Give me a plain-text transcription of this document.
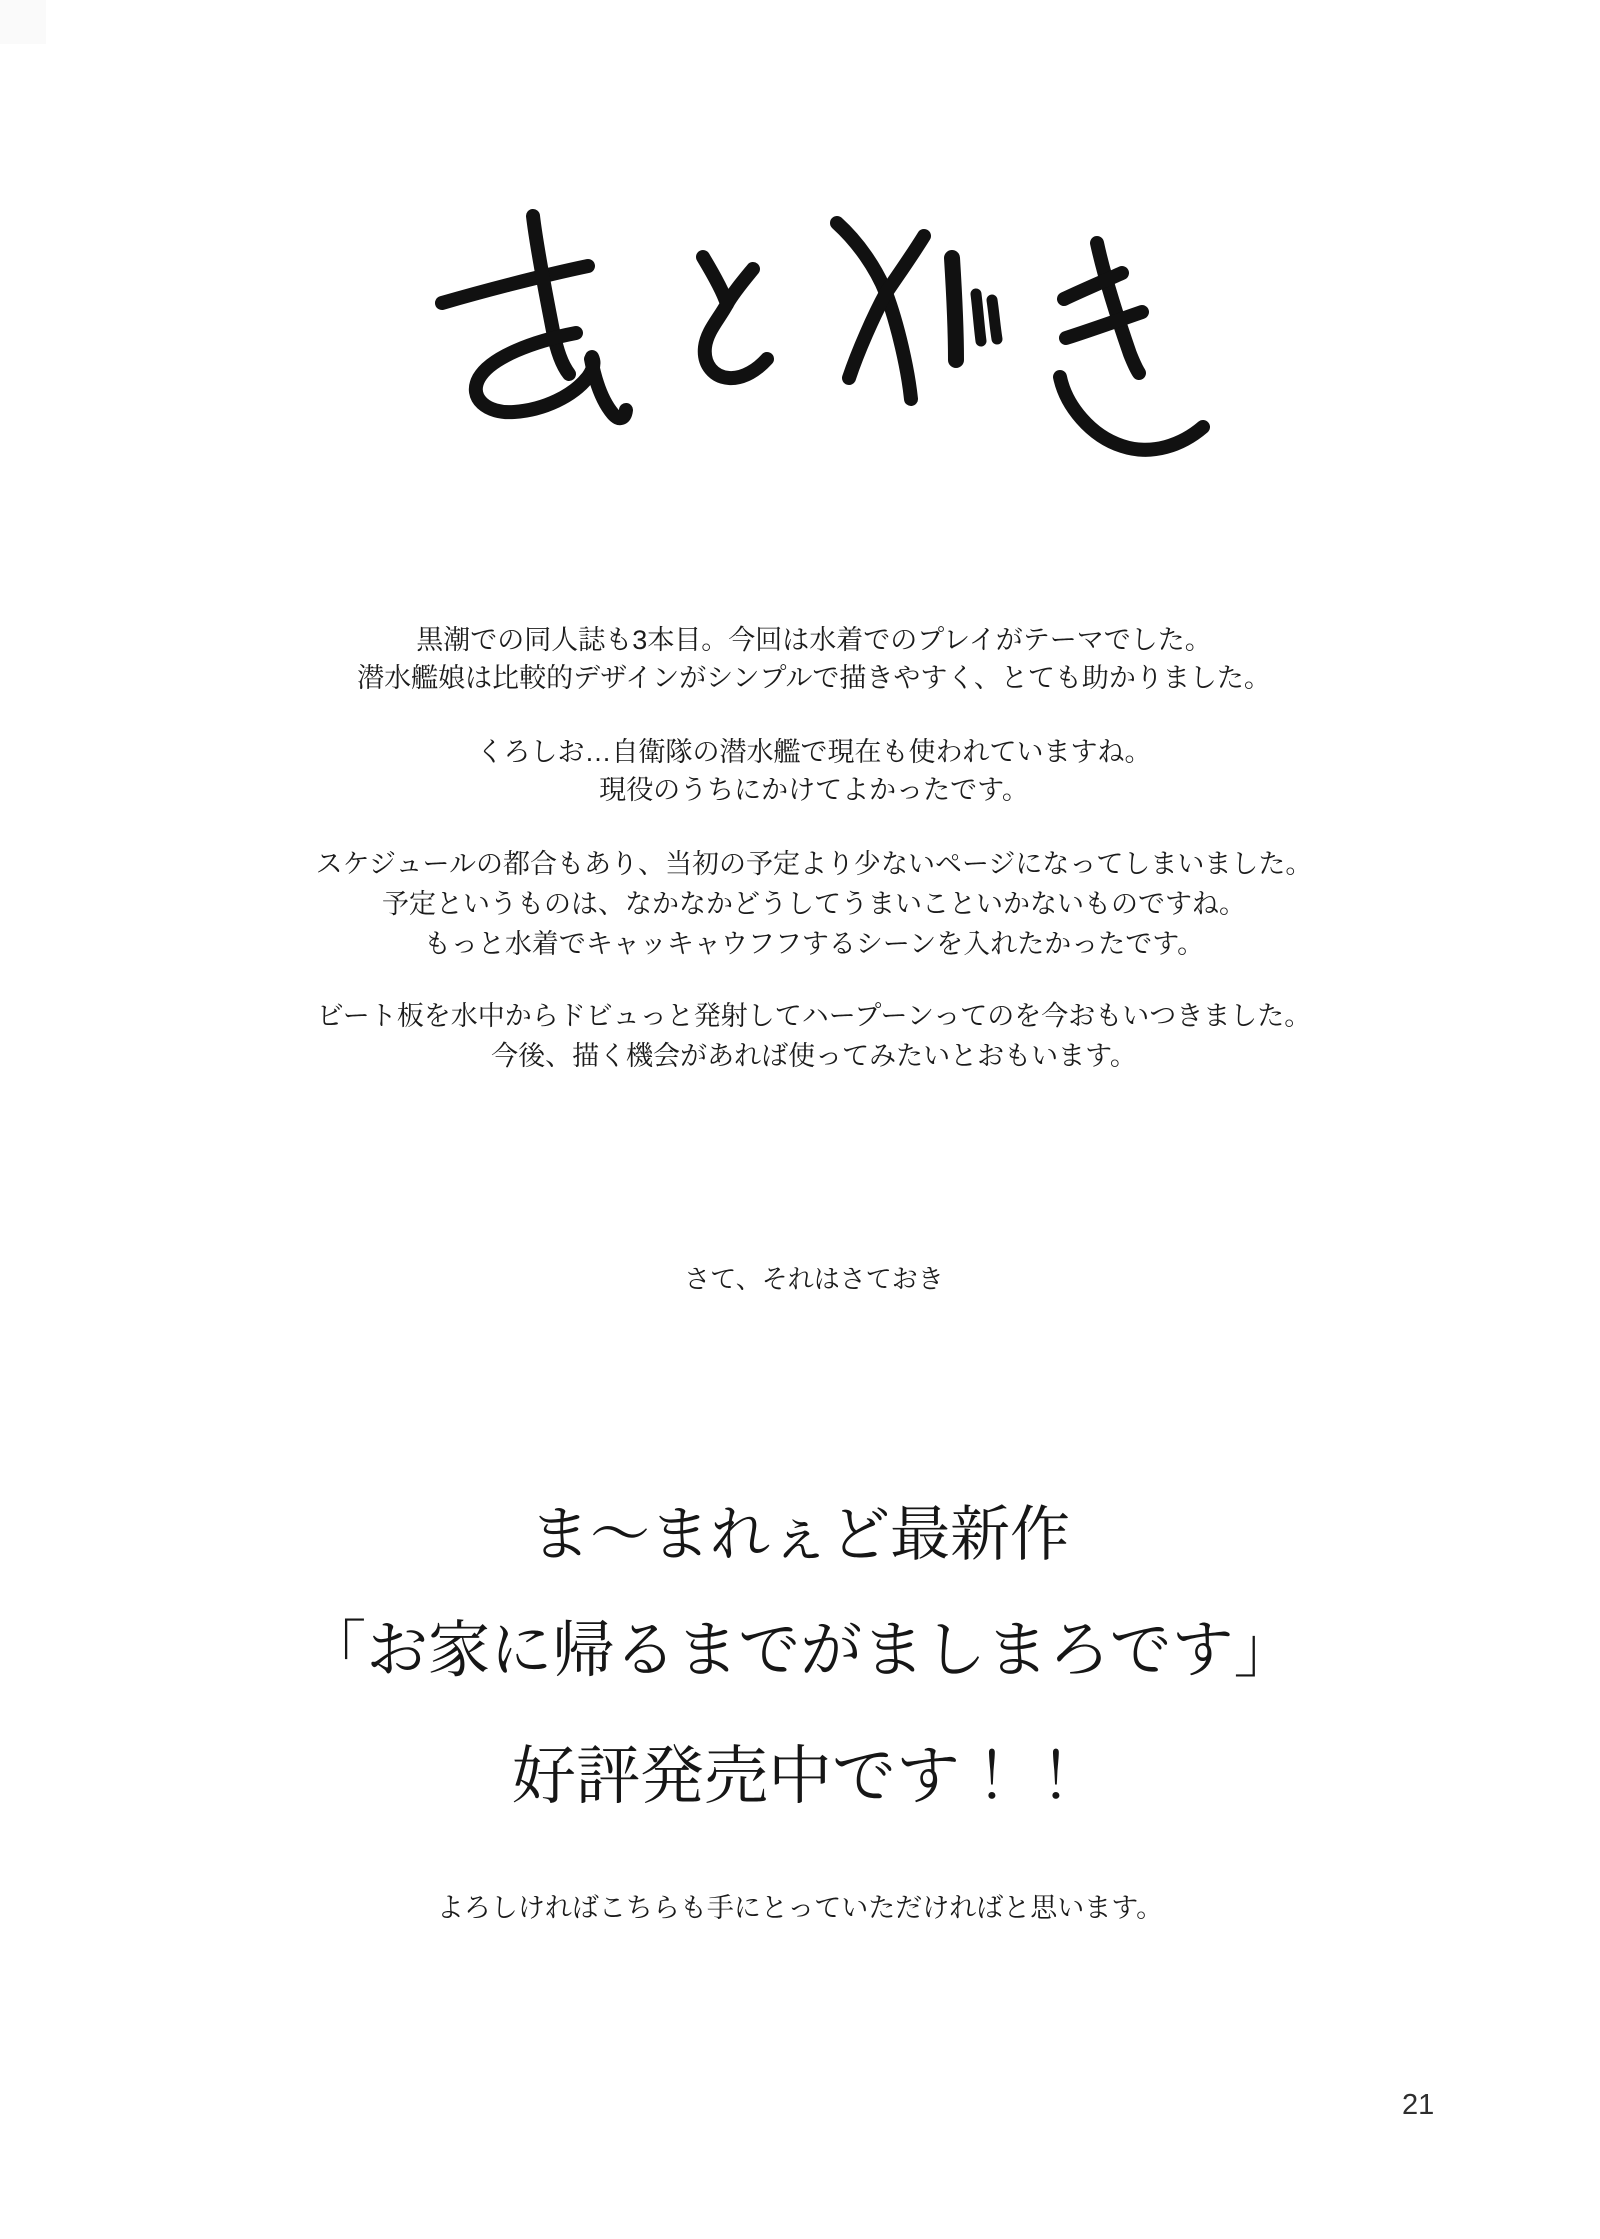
黒潮での同人誌も3本目。今回は水着でのプレイがテーマでした。
潜水艦娘は比較的デザインがシンプルで描きやすく、とても助かりました。
くろしお…自衛隊の潜水艦で現在も使われていますね。
現役のうちにかけてよかったです。
スケジュールの都合もあり、当初の予定より少ないページになってしまいました。
予定というものは、なかなかどうしてうまいこといかないものですね。
もっと水着でキャッキャウフフするシーンを入れたかったです。
ビート板を水中からドビュっと発射してハープーンってのを今おもいつきました。
今後、描く機会があれば使ってみたいとおもいます。
さて、それはさておき
ま〜まれぇど最新作
「お家に帰るまでがましまろです」
好評発売中です！！
よろしければこちらも手にとっていただければと思います。
21
